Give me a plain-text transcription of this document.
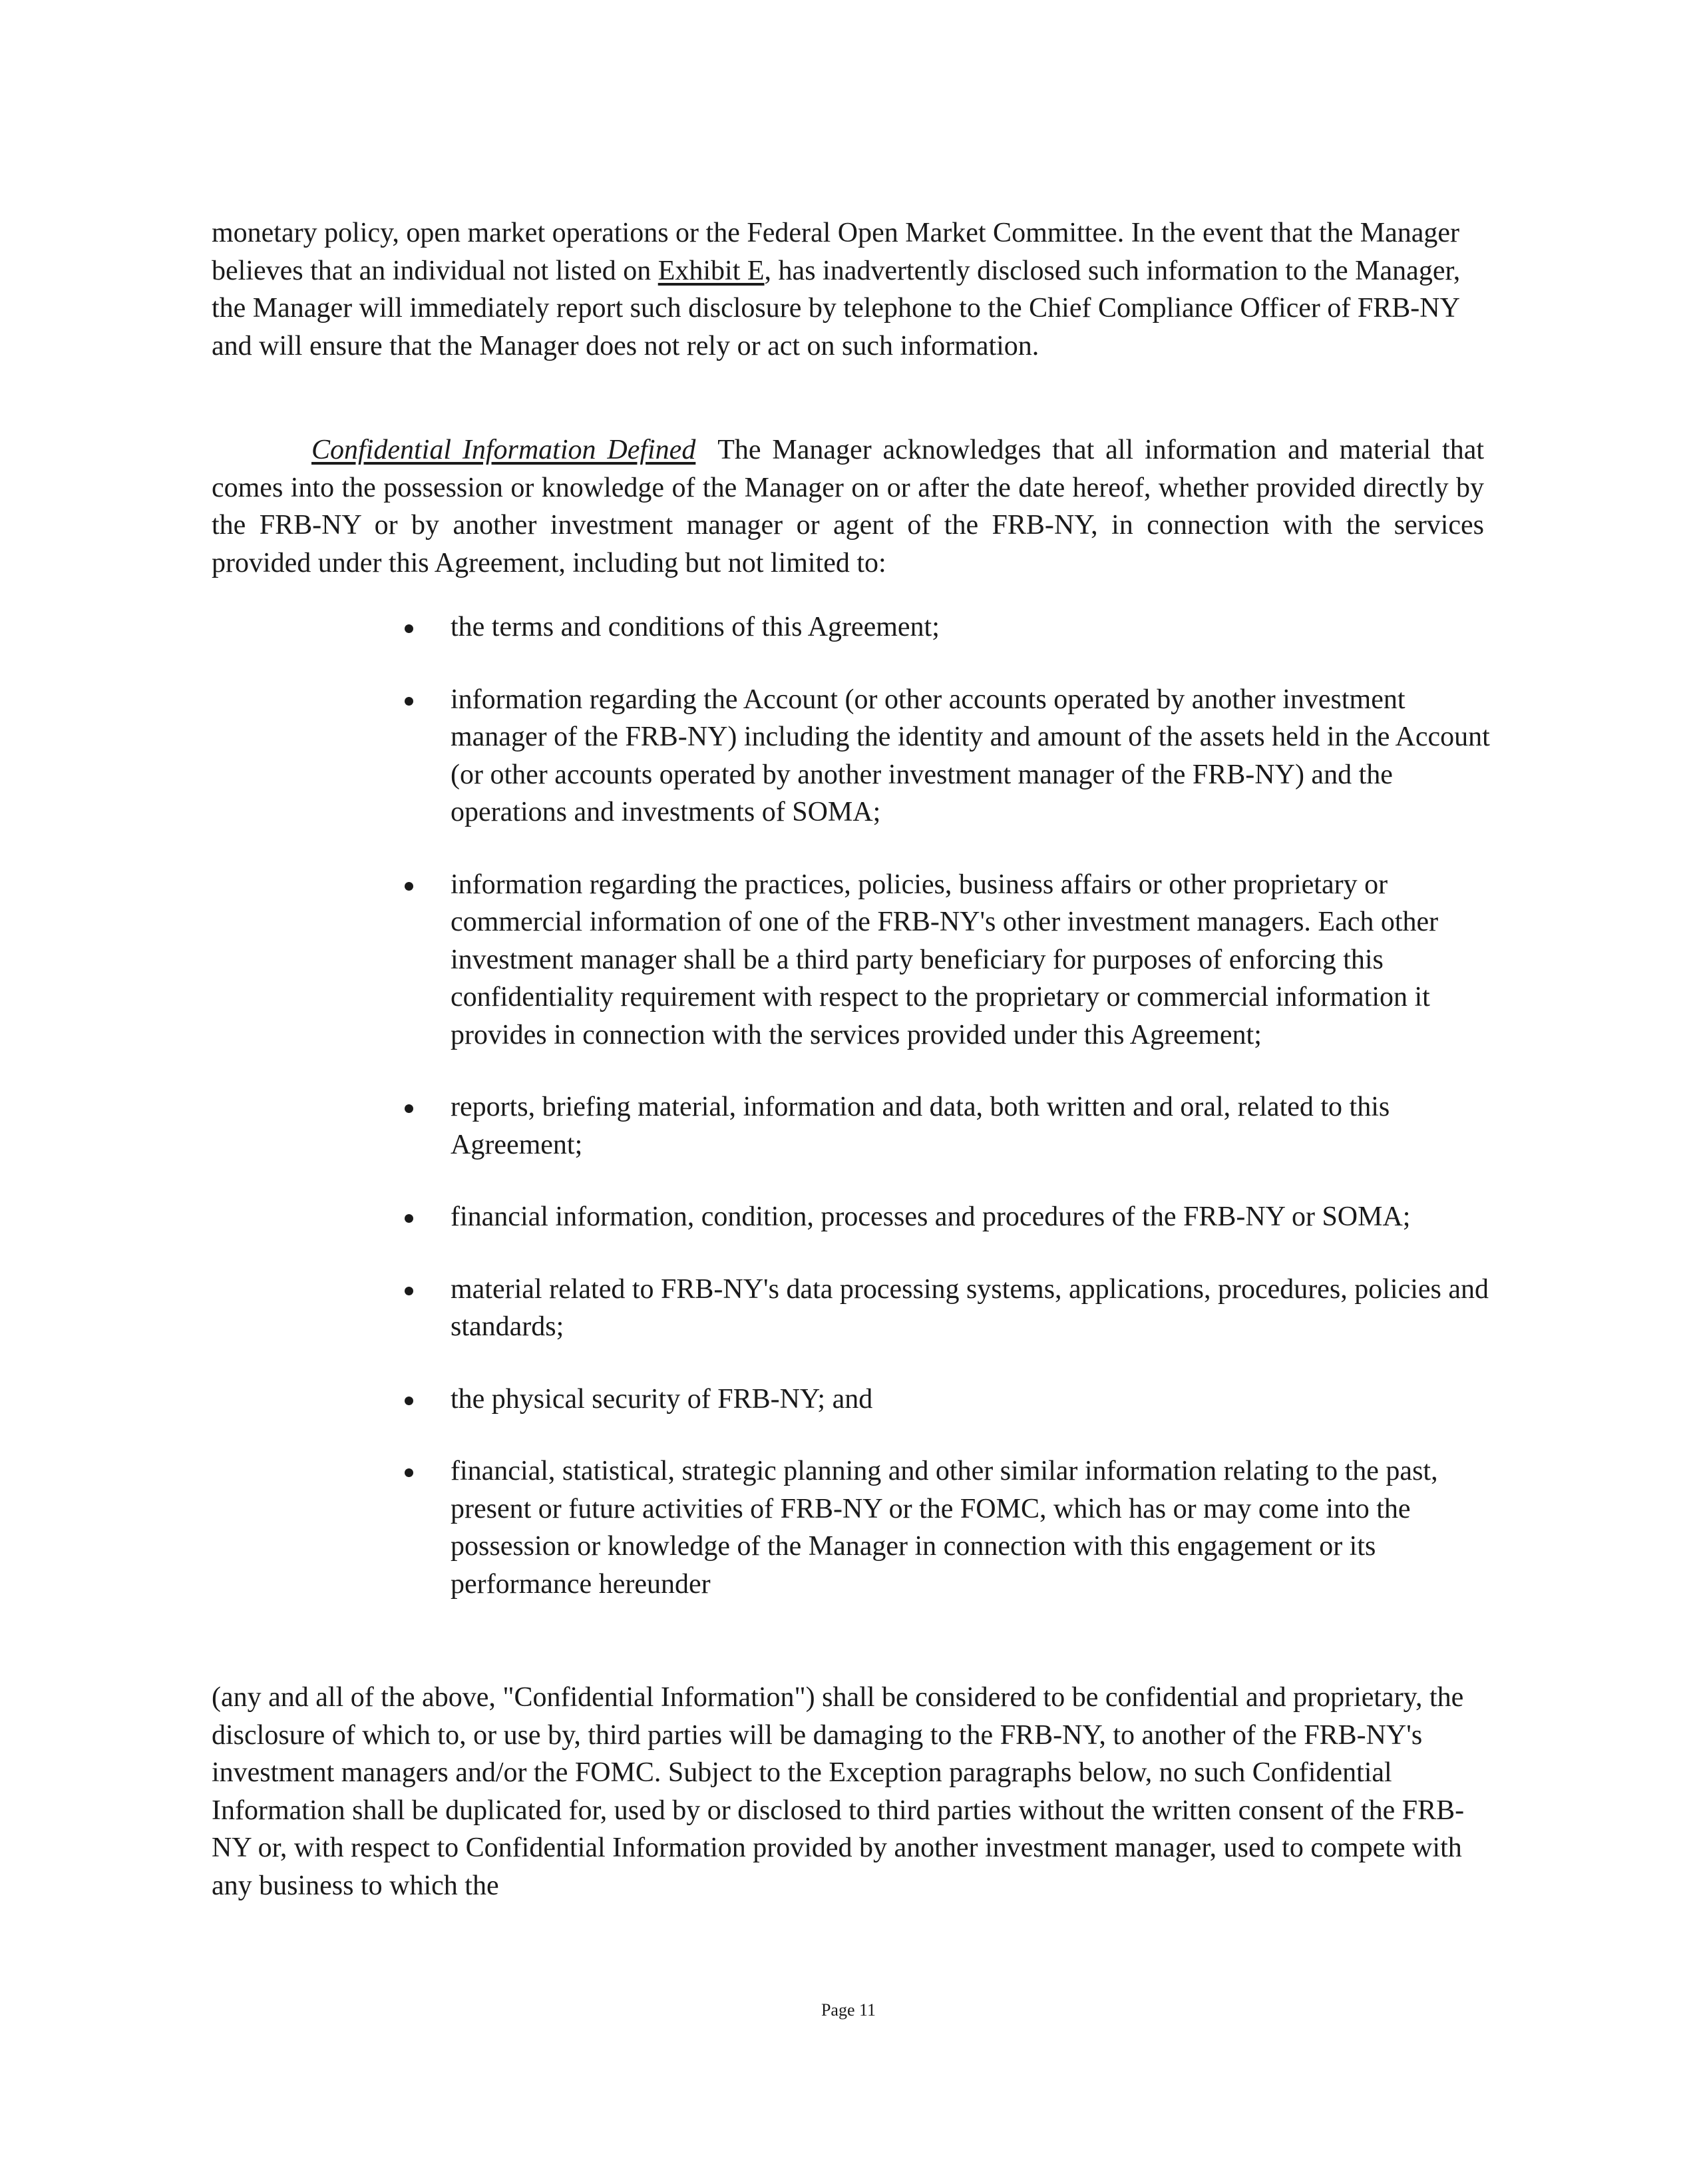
monetary policy, open market operations or the Federal Open Market Committee. In the event that the Manager believes that an individual not listed on Exhibit E, has inadvertently disclosed such information to the Manager, the Manager will immediately report such disclosure by telephone to the Chief Compliance Officer of FRB-NY and will ensure that the Manager does not rely or act on such information.

Confidential Information Defined The Manager acknowledges that all information and material that comes into the possession or knowledge of the Manager on or after the date hereof, whether provided directly by the FRB-NY or by another investment manager or agent of the FRB-NY, in connection with the services provided under this Agreement, including but not limited to:

the terms and conditions of this Agreement;
information regarding the Account (or other accounts operated by another investment manager of the FRB-NY) including the identity and amount of the assets held in the Account (or other accounts operated by another investment manager of the FRB-NY) and the operations and investments of SOMA;
information regarding the practices, policies, business affairs or other proprietary or commercial information of one of the FRB-NY's other investment managers. Each other investment manager shall be a third party beneficiary for purposes of enforcing this confidentiality requirement with respect to the proprietary or commercial information it provides in connection with the services provided under this Agreement;
reports, briefing material, information and data, both written and oral, related to this Agreement;
financial information, condition, processes and procedures of the FRB-NY or SOMA;
material related to FRB-NY's data processing systems, applications, procedures, policies and standards;
the physical security of FRB-NY; and
financial, statistical, strategic planning and other similar information relating to the past, present or future activities of FRB-NY or the FOMC, which has or may come into the possession or knowledge of the Manager in connection with this engagement or its performance hereunder

(any and all of the above, "Confidential Information") shall be considered to be confidential and proprietary, the disclosure of which to, or use by, third parties will be damaging to the FRB-NY, to another of the FRB-NY's investment managers and/or the FOMC. Subject to the Exception paragraphs below, no such Confidential Information shall be duplicated for, used by or disclosed to third parties without the written consent of the FRB-NY or, with respect to Confidential Information provided by another investment manager, used to compete with any business to which the

Page 11
